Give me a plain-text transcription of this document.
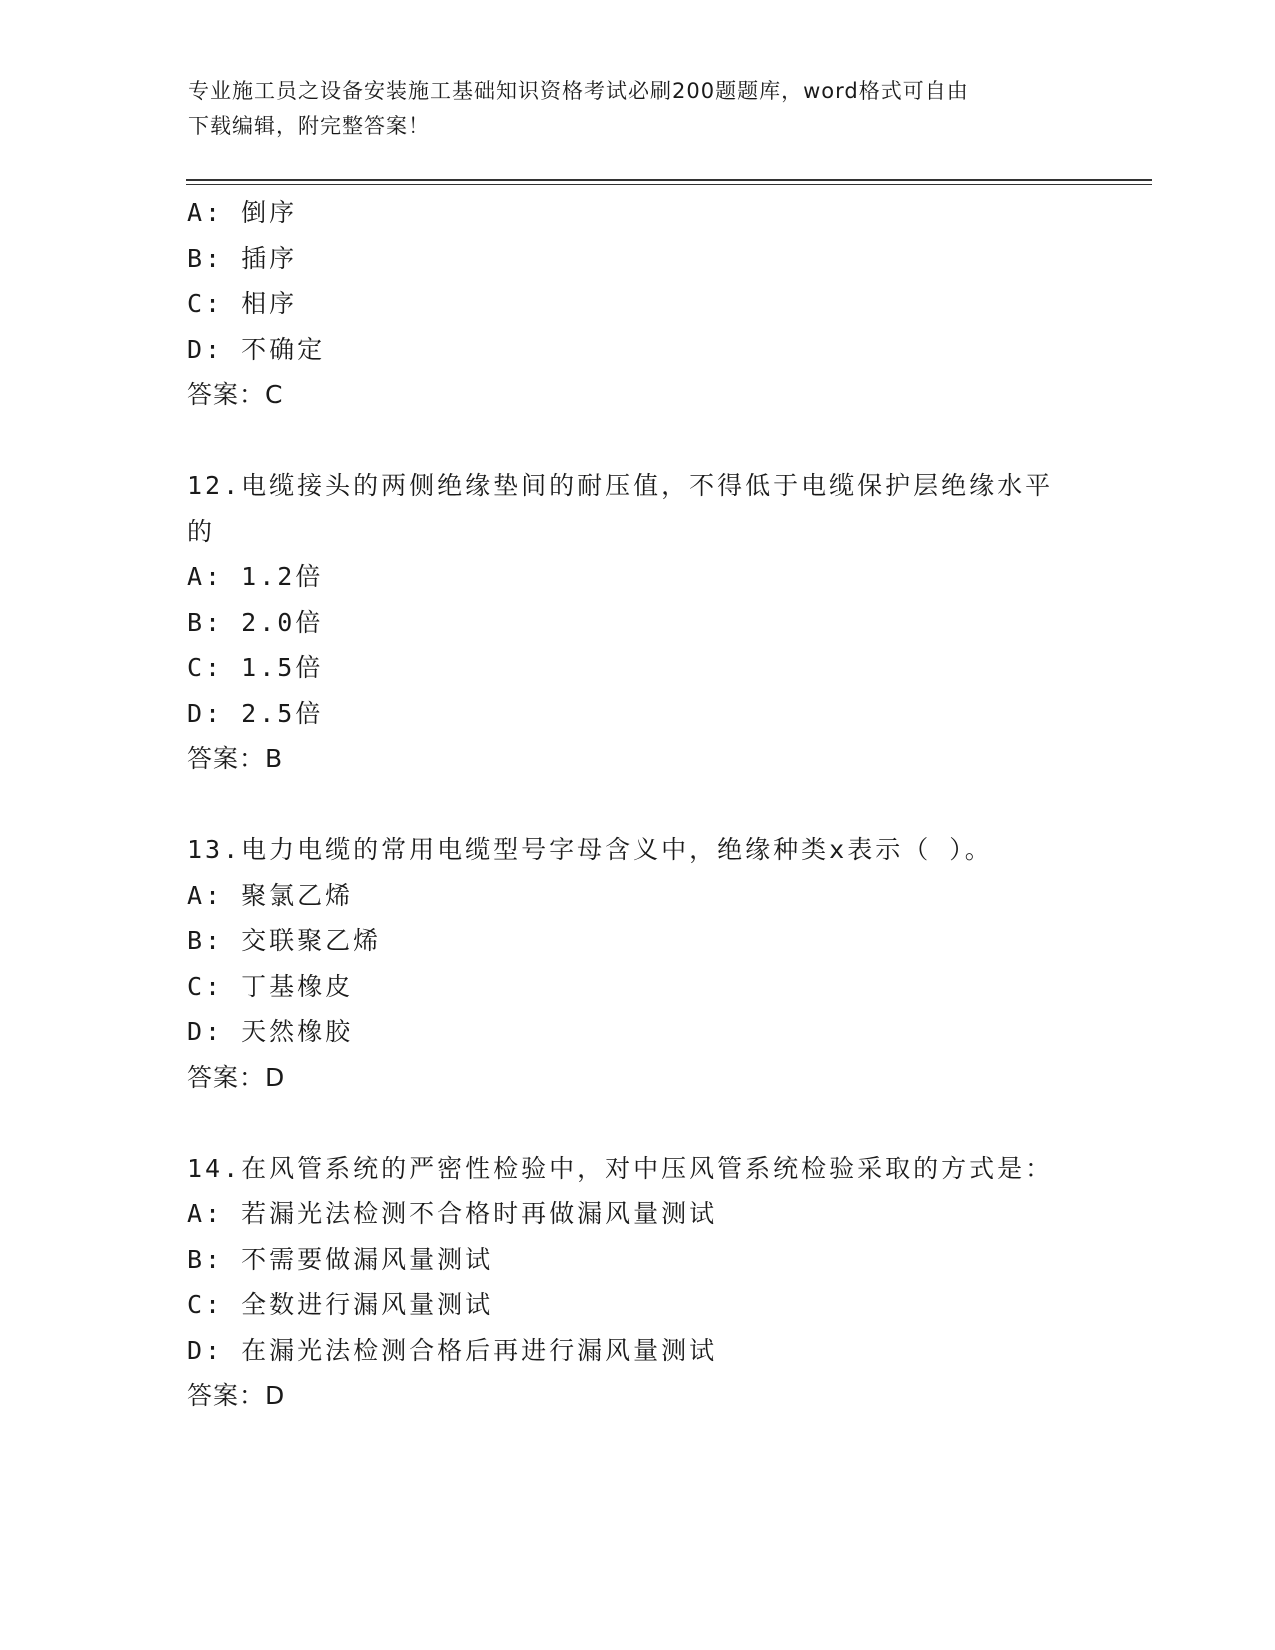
专业施工员之设备安装施工基础知识资格考试必刷200题题库，word格式可自由
下载编辑，附完整答案！
A: 倒序
B: 插序
C: 相序
D: 不确定
答案：C
12.电缆接头的两侧绝缘垫间的耐压值，不得低于电缆保护层绝缘水平的
A: 1.2倍
B: 2.0倍
C: 1.5倍
D: 2.5倍
答案：B
13.电力电缆的常用电缆型号字母含义中，绝缘种类x表示（ ）。
A: 聚氯乙烯
B: 交联聚乙烯
C: 丁基橡皮
D: 天然橡胶
答案：D
14.在风管系统的严密性检验中，对中压风管系统检验采取的方式是：
A: 若漏光法检测不合格时再做漏风量测试
B: 不需要做漏风量测试
C: 全数进行漏风量测试
D: 在漏光法检测合格后再进行漏风量测试
答案：D
